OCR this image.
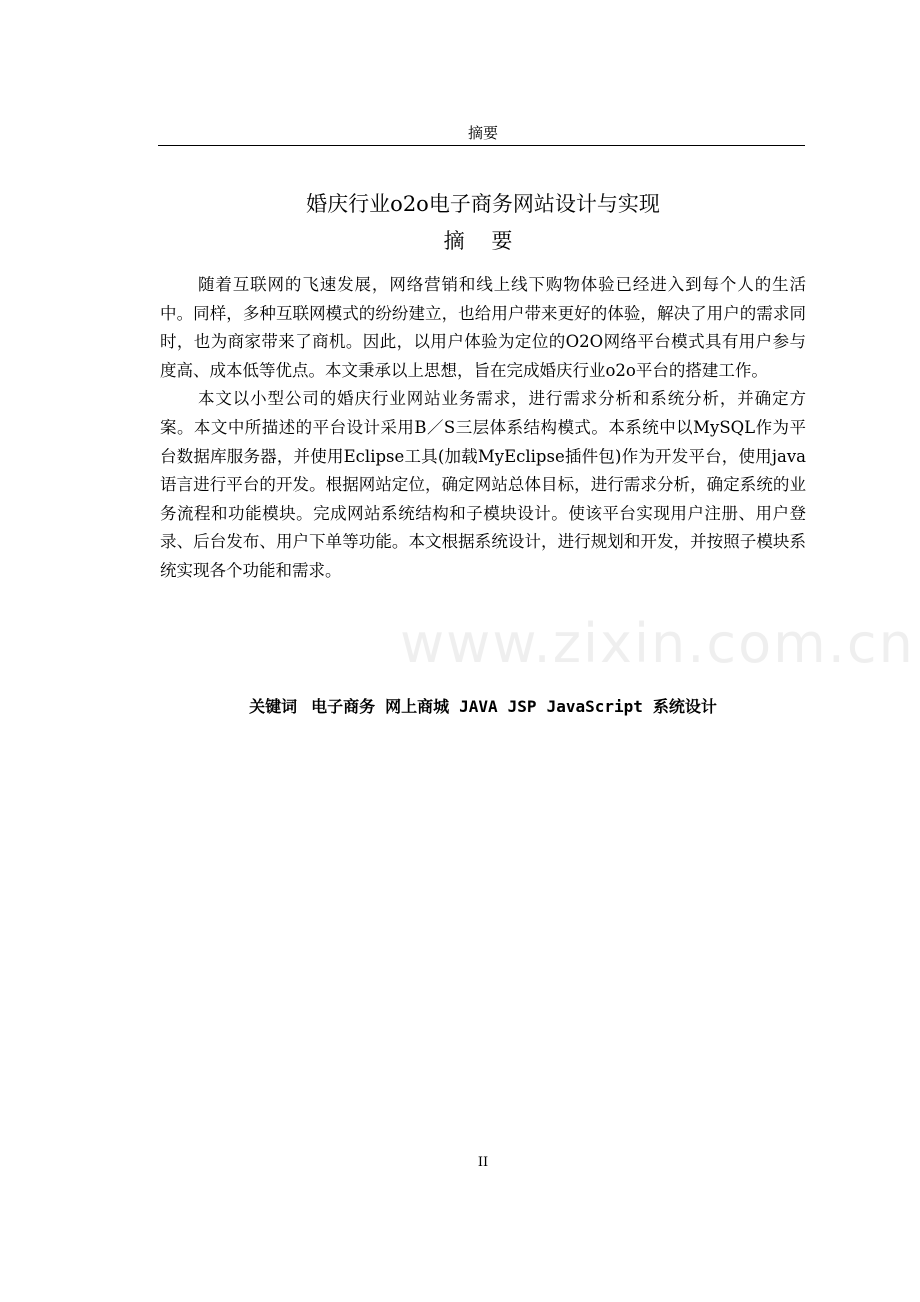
摘要
婚庆行业o2o电子商务网站设计与实现
摘 要

随着互联网的飞速发展，网络营销和线上线下购物体验已经进入到每个人的生活中。同样，多种互联网模式的纷纷建立，也给用户带来更好的体验，解决了用户的需求同时，也为商家带来了商机。因此，以用户体验为定位的O2O网络平台模式具有用户参与度高、成本低等优点。本文秉承以上思想，旨在完成婚庆行业o2o平台的搭建工作。

本文以小型公司的婚庆行业网站业务需求，进行需求分析和系统分析，并确定方案。本文中所描述的平台设计采用B／S三层体系结构模式。本系统中以MySQL作为平台数据库服务器，并使用Eclipse工具(加载MyEclipse插件包)作为开发平台，使用java语言进行平台的开发。根据网站定位，确定网站总体目标，进行需求分析，确定系统的业务流程和功能模块。完成网站系统结构和子模块设计。使该平台实现用户注册、用户登录、后台发布、用户下单等功能。本文根据系统设计，进行规划和开发，并按照子模块系统实现各个功能和需求。

关键词 电子商务 网上商城 JAVA JSP JavaScript 系统设计
www.zixin.com.cn
II
